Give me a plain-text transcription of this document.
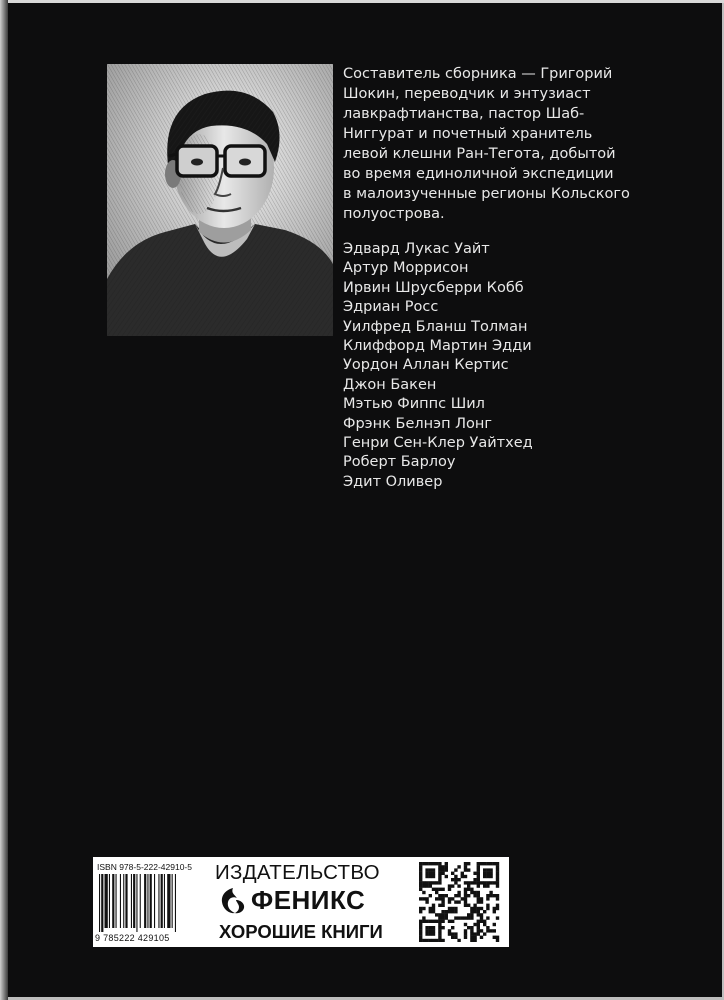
Составитель сборника — Григорий
Шокин, переводчик и энтузиаст
лавкрафтианства, пастор Шаб-
Ниггурат и почетный хранитель
левой клешни Ран-Тегота, добытой
во время единоличной экспедиции
в малоизученные регионы Кольского
полуострова.
Эдвард Лукас Уайт
Артур Моррисон
Ирвин Шрусберри Кобб
Эдриан Росс
Уилфред Бланш Толман
Клиффорд Мартин Эдди
Уордон Аллан Кертис
Джон Бакен
Мэтью Фиппс Шил
Фрэнк Белнэп Лонг
Генри Сен-Клер Уайтхед
Роберт Барлоу
Эдит Оливер
ISBN 978-5-222-42910-5
9 785222 429105
ИЗДАТЕЛЬСТВО
ФЕНИКС
ХОРОШИЕ КНИГИ
